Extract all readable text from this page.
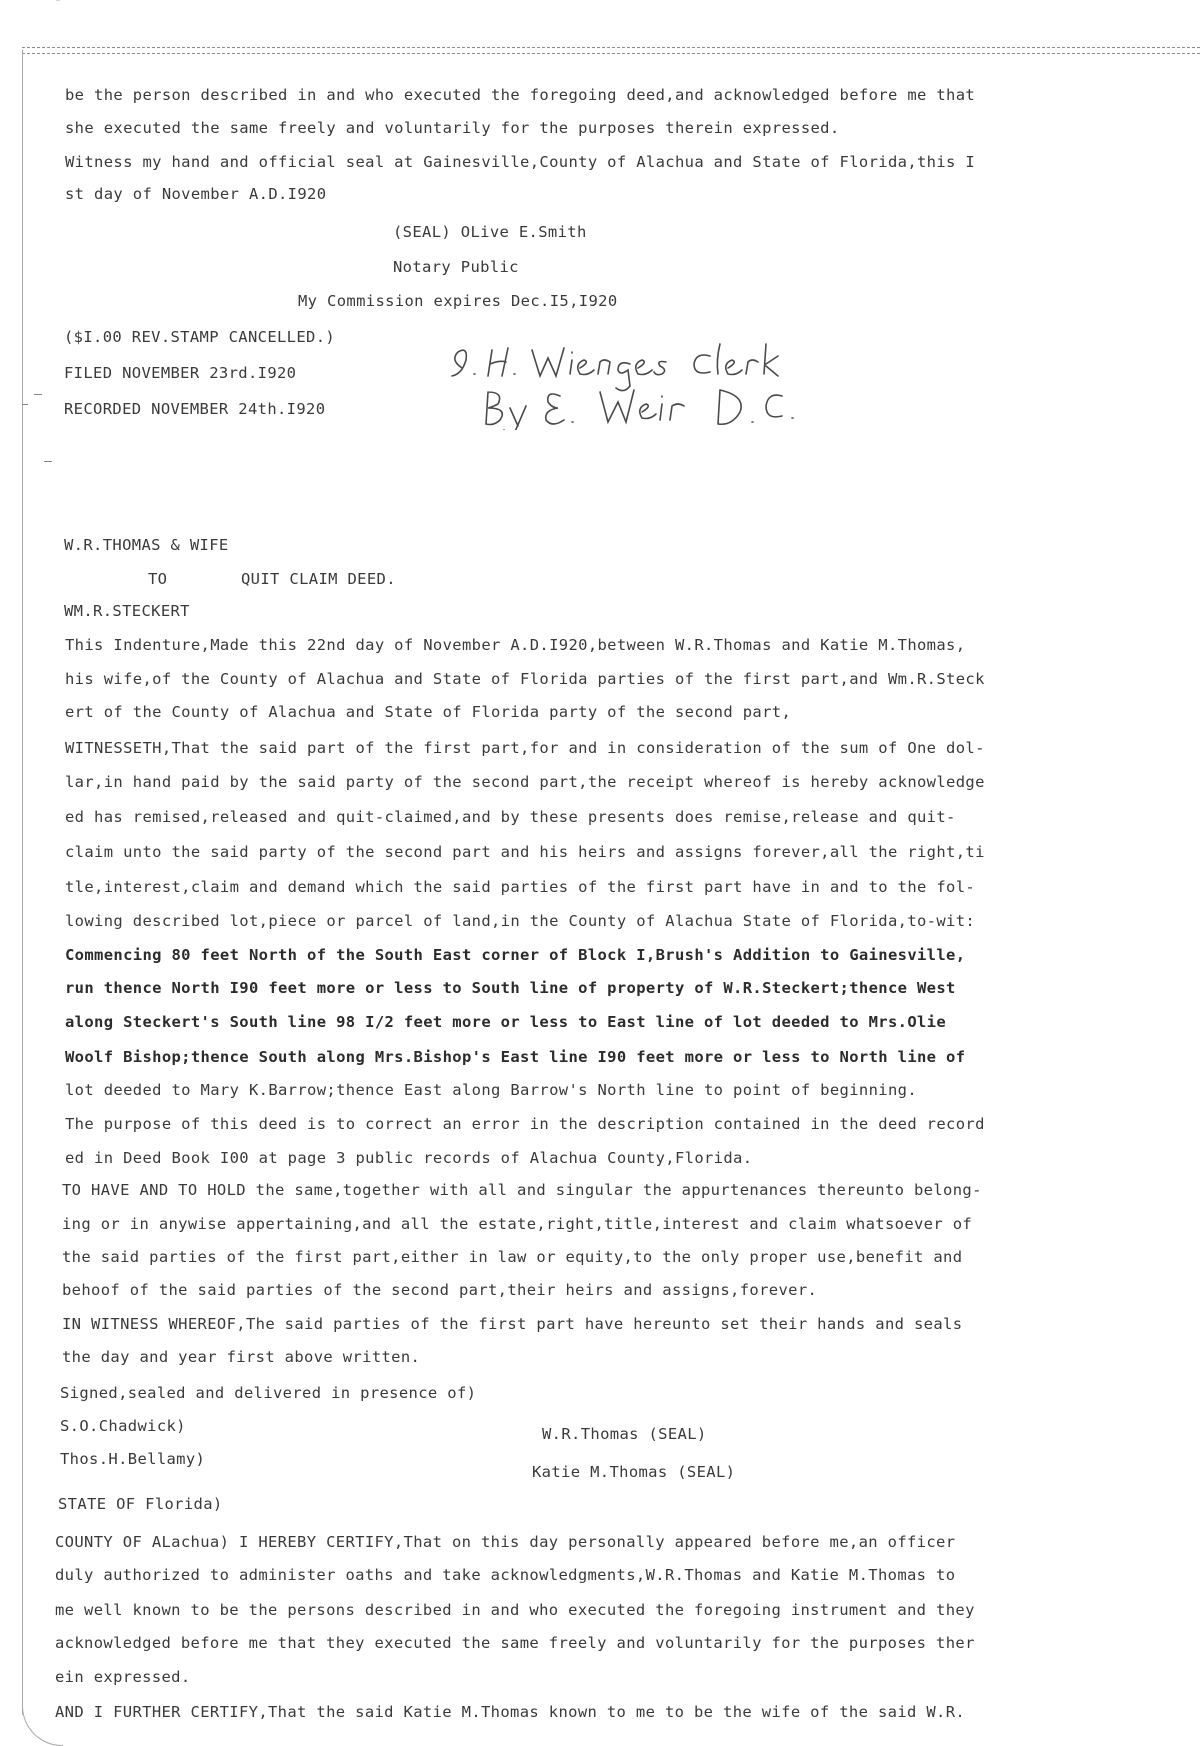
be the person described in and who executed the foregoing deed,and acknowledged before me that

she executed the same freely and voluntarily for the purposes therein expressed.

Witness my hand and official seal at Gainesville,County of Alachua and State of Florida,this I

st day of November A.D.I920

(SEAL) OLive E.Smith

Notary Public

My Commission expires Dec.I5,I920

($I.00 REV.STAMP CANCELLED.)

FILED NOVEMBER 23rd.I920

RECORDED NOVEMBER 24th.I920

W.R.THOMAS & WIFE

TO	QUIT CLAIM DEED.

WM.R.STECKERT

This Indenture,Made this 22nd day of November A.D.I920,between W.R.Thomas and Katie M.Thomas,

his wife,of the County of Alachua and State of Florida parties of the first part,and Wm.R.Steck

ert of the County of Alachua and State of Florida party of the second part,

WITNESSETH,That the said part of the first part,for and in consideration of the sum of One dol-

lar,in hand paid by the said party of the second part,the receipt whereof is hereby acknowledge

ed has remised,released and quit-claimed,and by these presents does remise,release and quit-

claim unto the said party of the second part and his heirs and assigns forever,all the right,ti

tle,interest,claim and demand which the said parties of the first part have in and to the fol-

lowing described lot,piece or parcel of land,in the County of Alachua State of Florida,to-wit:

Commencing 80 feet North of the South East corner of Block I,Brush's Addition to Gainesville,

run thence North I90 feet more or less to South line of property of W.R.Steckert;thence West

along Steckert's South line 98 I/2 feet more or less to East line of lot deeded to Mrs.Olie

Woolf Bishop;thence South along Mrs.Bishop's East line I90 feet more or less to North line of

lot deeded to Mary K.Barrow;thence East along Barrow's North line to point of beginning.

The purpose of this deed is to correct an error in the description contained in the deed record

ed in Deed Book I00 at page 3 public records of Alachua County,Florida.

TO HAVE AND TO HOLD the same,together with all and singular the appurtenances thereunto belong-

ing or in anywise appertaining,and all the estate,right,title,interest and claim whatsoever of

the said parties of the first part,either in law or equity,to the only proper use,benefit and

behoof of the said parties of the second part,their heirs and assigns,forever.

IN WITNESS WHEREOF,The said parties of the first part have hereunto set their hands and seals

the day and year first above written.

Signed,sealed and delivered in presence of)

S.O.Chadwick)

Thos.H.Bellamy)

W.R.Thomas (SEAL)

Katie M.Thomas (SEAL)

STATE OF Florida)

COUNTY OF ALachua) I HEREBY CERTIFY,That on this day personally appeared before me,an officer

duly authorized to administer oaths and take acknowledgments,W.R.Thomas and Katie M.Thomas to

me well known to be the persons described in and who executed the foregoing instrument and they

acknowledged before me that they executed the same freely and voluntarily for the purposes ther

ein expressed.

AND I FURTHER CERTIFY,That the said Katie M.Thomas known to me to be the wife of the said W.R.
